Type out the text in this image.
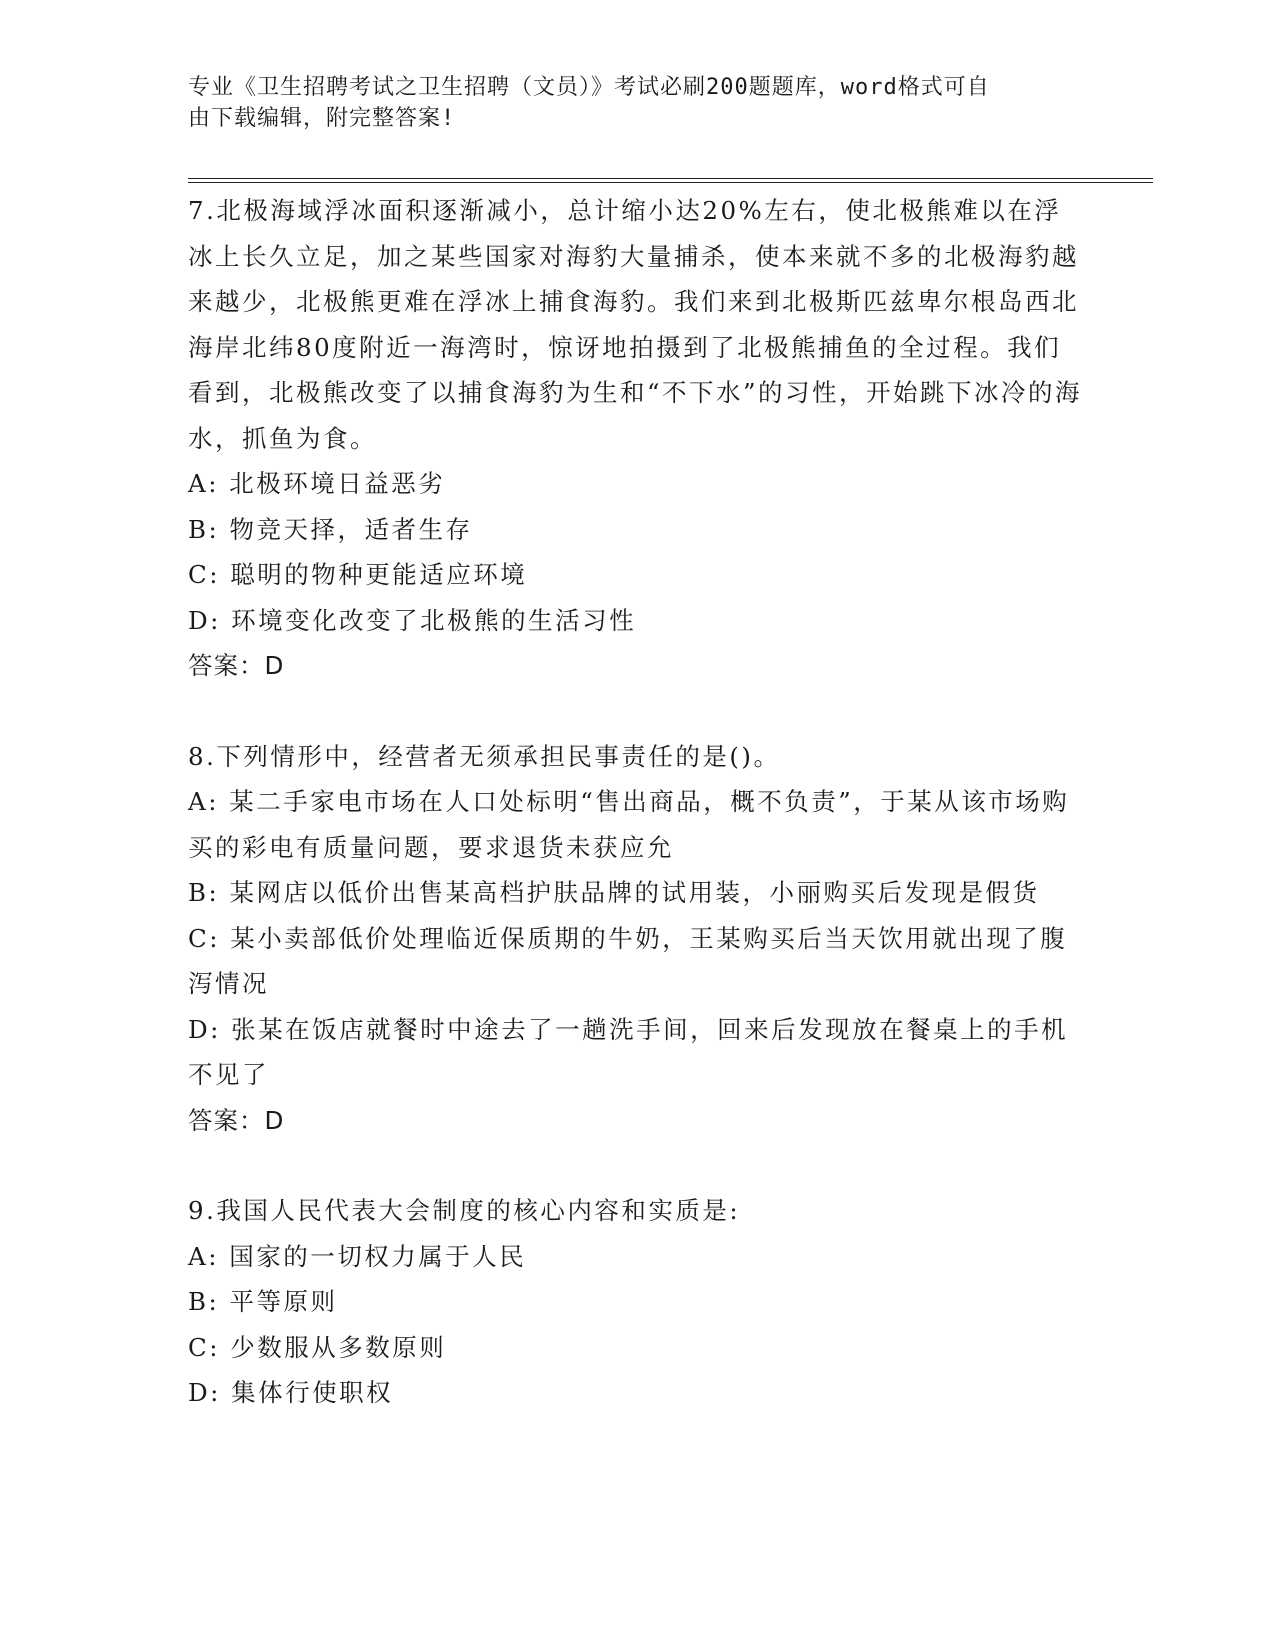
专业《卫生招聘考试之卫生招聘（文员）》考试必刷200题题库，word格式可自
由下载编辑，附完整答案!

7.北极海域浮冰面积逐渐减小，总计缩小达20%左右，使北极熊难以在浮冰上长久立足，加之某些国家对海豹大量捕杀，使本来就不多的北极海豹越来越少，北极熊更难在浮冰上捕食海豹。我们来到北极斯匹兹卑尔根岛西北海岸北纬80度附近一海湾时，惊讶地拍摄到了北极熊捕鱼的全过程。我们看到，北极熊改变了以捕食海豹为生和“不下水”的习性，开始跳下冰冷的海水，抓鱼为食。

A: 北极环境日益恶劣

B: 物竞天择，适者生存

C: 聪明的物种更能适应环境

D: 环境变化改变了北极熊的生活习性

答案：D

8.下列情形中，经营者无须承担民事责任的是()。

A: 某二手家电市场在人口处标明“售出商品，概不负责”，于某从该市场购买的彩电有质量问题，要求退货未获应允

B: 某网店以低价出售某高档护肤品牌的试用装，小丽购买后发现是假货

C: 某小卖部低价处理临近保质期的牛奶，王某购买后当天饮用就出现了腹泻情况

D: 张某在饭店就餐时中途去了一趟洗手间，回来后发现放在餐桌上的手机不见了

答案：D

9.我国人民代表大会制度的核心内容和实质是:

A: 国家的一切权力属于人民

B: 平等原则

C: 少数服从多数原则

D: 集体行使职权
